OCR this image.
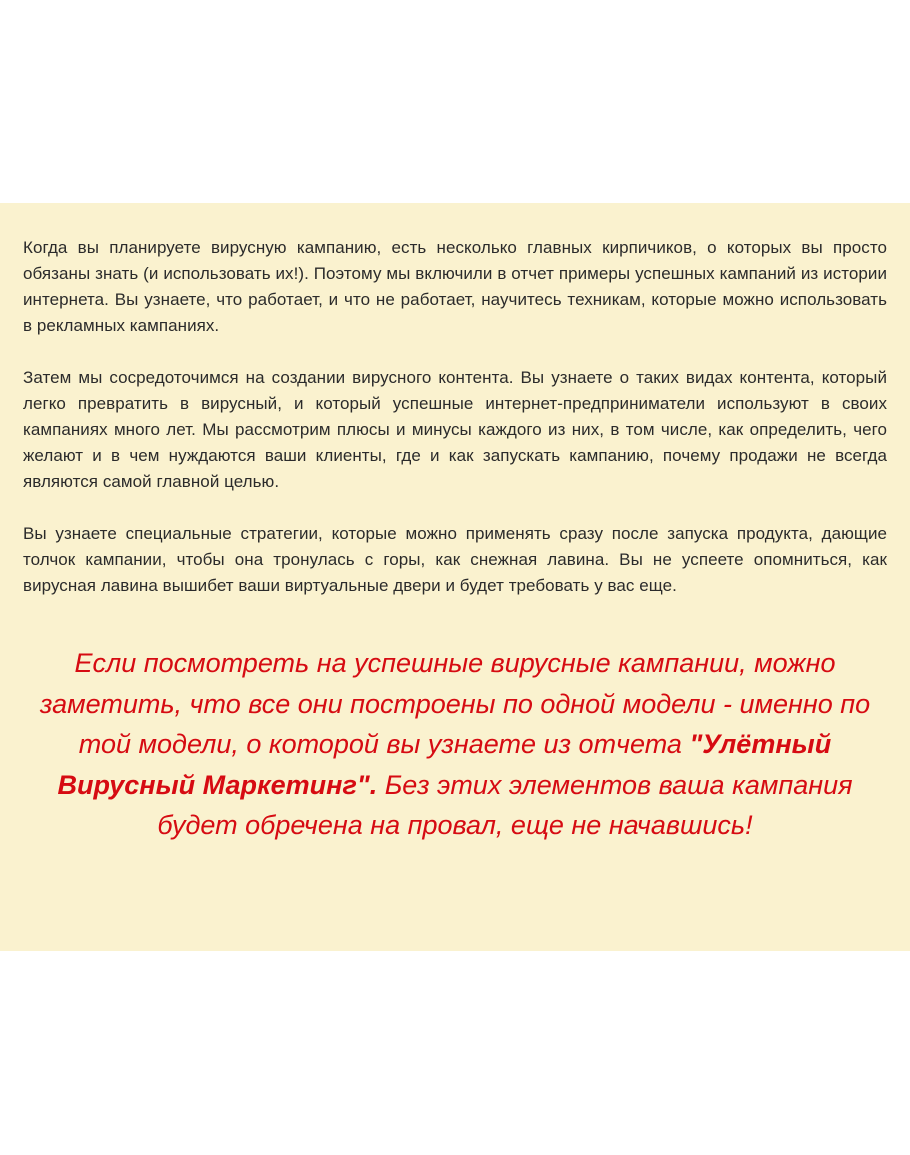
Когда вы планируете вирусную кампанию, есть несколько главных кирпичиков, о которых вы просто обязаны знать (и использовать их!). Поэтому мы включили в отчет примеры успешных кампаний из истории интернета. Вы узнаете, что работает, и что не работает, научитесь техникам, которые можно использовать в рекламных кампаниях.

Затем мы сосредоточимся на создании вирусного контента. Вы узнаете о таких видах контента, который легко превратить в вирусный, и который успешные интернет-предприниматели используют в своих кампаниях много лет. Мы рассмотрим плюсы и минусы каждого из них, в том числе, как определить, чего желают и в чем нуждаются ваши клиенты, где и как запускать кампанию, почему продажи не всегда являются самой главной целью.

Вы узнаете специальные стратегии, которые можно применять сразу после запуска продукта, дающие толчок кампании, чтобы она тронулась с горы, как снежная лавина. Вы не успеете опомниться, как вирусная лавина вышибет ваши виртуальные двери и будет требовать у вас еще.

Если посмотреть на успешные вирусные кампании, можно заметить, что все они построены по одной модели - именно по той модели, о которой вы узнаете из отчета "Улётный Вирусный Маркетинг". Без этих элементов ваша кампания будет обречена на провал, еще не начавшись!
